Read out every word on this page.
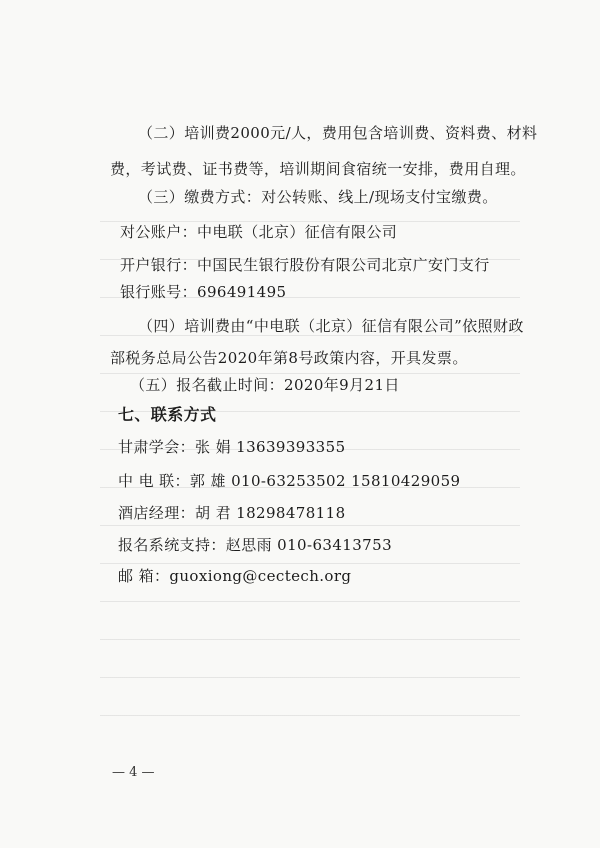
（二）培训费2000元/人，费用包含培训费、资料费、材料
费，考试费、证书费等，培训期间食宿统一安排，费用自理。
（三）缴费方式：对公转账、线上/现场支付宝缴费。
对公账户：中电联（北京）征信有限公司
开户银行：中国民生银行股份有限公司北京广安门支行
银行账号：696491495
（四）培训费由“中电联（北京）征信有限公司”依照财政
部税务总局公告2020年第8号政策内容，开具发票。
（五）报名截止时间：2020年9月21日
七、联系方式
甘肃学会：张 娟 13639393355
中 电 联：郭 雄 010-63253502 15810429059
酒店经理：胡 君 18298478118
报名系统支持：赵思雨 010-63413753
邮 箱：guoxiong@cectech.org
— 4 —
